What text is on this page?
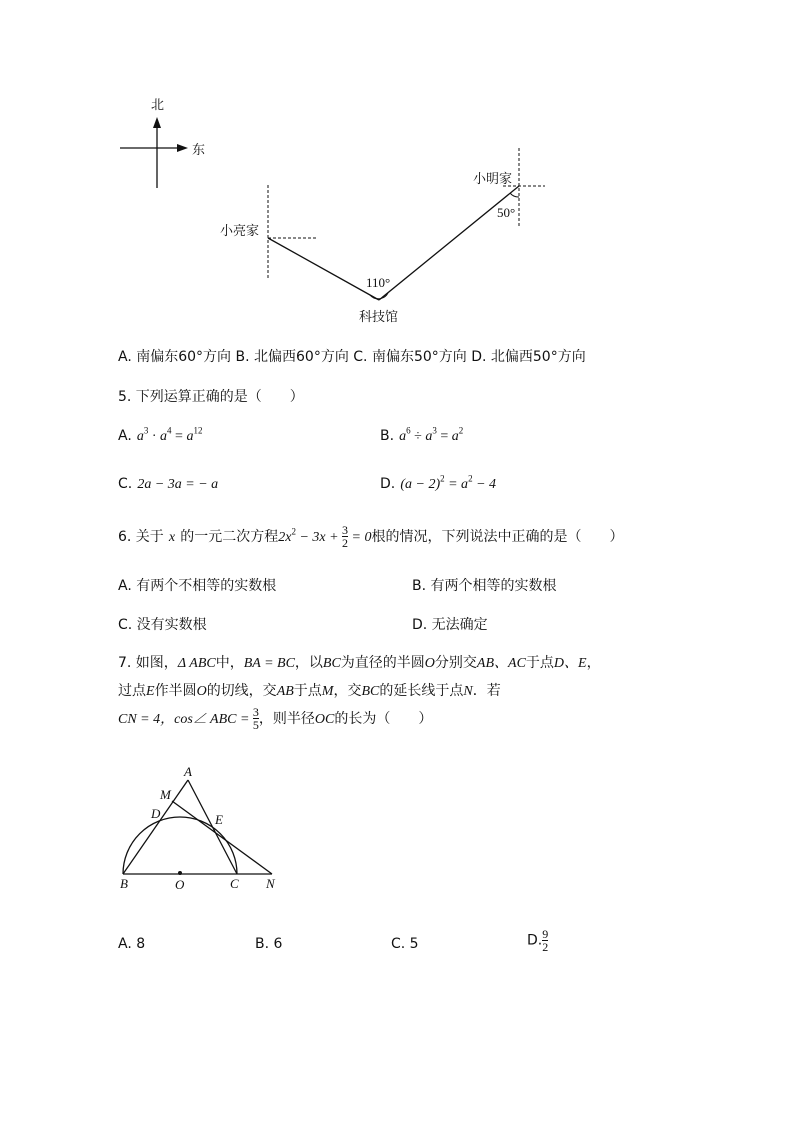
北
东
小明家
小亮家
科技馆
110°
50°
A. 南偏东60°方向 B. 北偏西60°方向 C. 南偏东50°方向 D. 北偏西50°方向
5. 下列运算正确的是（　　）
A. $a^3 \cdot a^4 = a^{12}$	B. $a^6 \div a^3 = a^2$
C. 2a − 3a = − a	D. $(a - 2)^2 = a^2 - 4$
6. 关于 x 的一元二次方程$2x^2 - 3x + \frac{3}{2} = 0$根的情况，下列说法中正确的是（　　）
A. 有两个不相等的实数根	B. 有两个相等的实数根
C. 没有实数根	D. 无法确定
7. 如图，Δ ABC中，BA = BC，以BC为直径的半圆O分别交AB、AC于点D、E，
过点E作半圆O的切线，交AB于点M，交BC的延长线于点N．若
CN = 4，cos∠ ABC = $\frac{3}{5}$ ，则半径OC的长为（　　）
A
M
D	E
B	O	C N
A. 8	B. 6	C. 5	D. $\frac{9}{2}$
